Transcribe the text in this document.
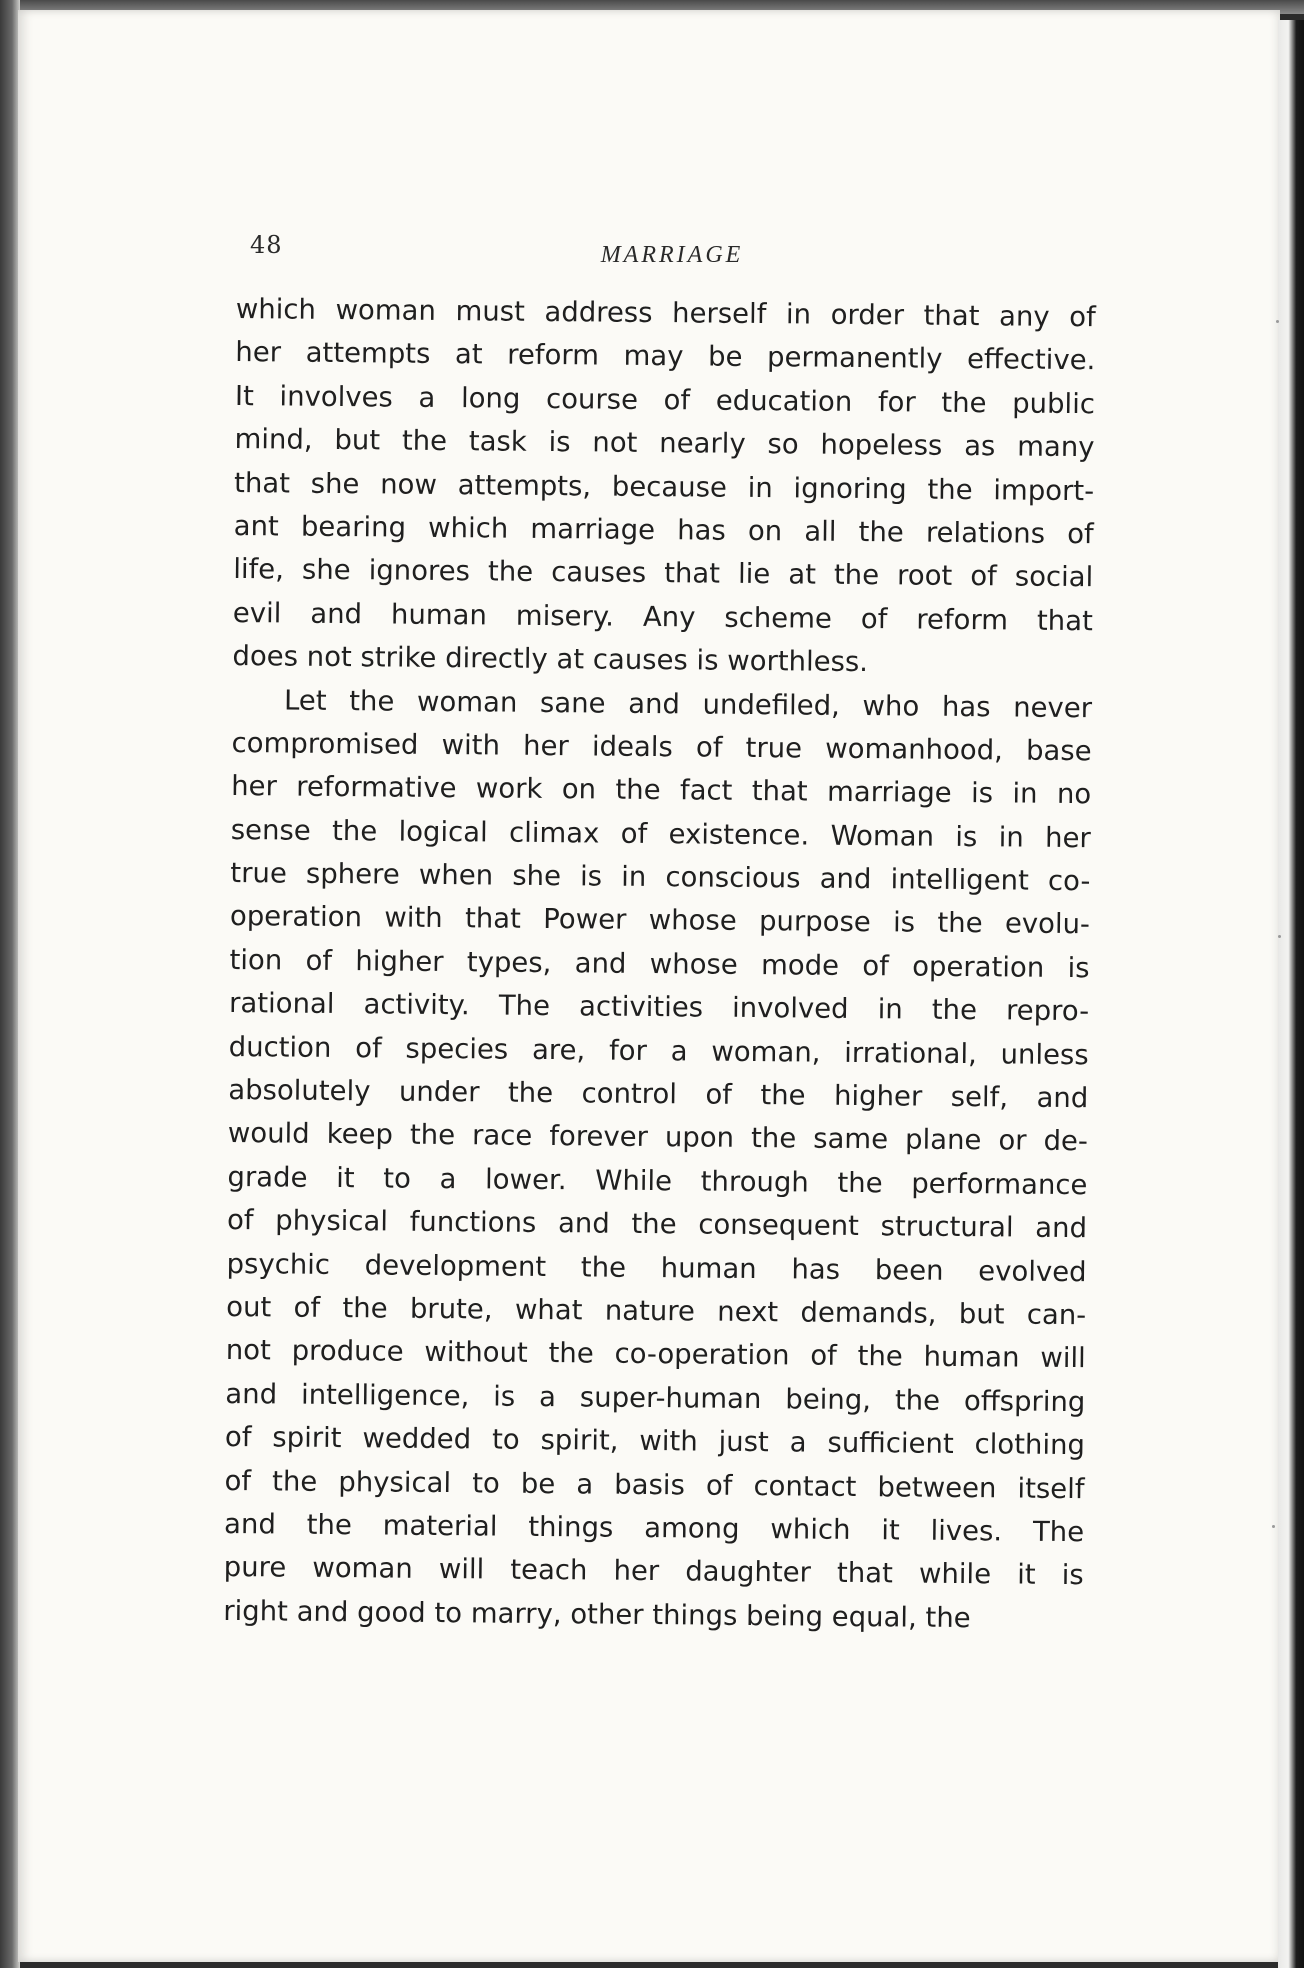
48	MARRIAGE
which woman must address herself in order that any of
her attempts at reform may be permanently effective.
It involves a long course of education for the public
mind, but the task is not nearly so hopeless as many
that she now attempts, because in ignoring the import-
ant bearing which marriage has on all the relations of
life, she ignores the causes that lie at the root of social
evil and human misery. Any scheme of reform that
does not strike directly at causes is worthless.
Let the woman sane and undefiled, who has never
compromised with her ideals of true womanhood, base
her reformative work on the fact that marriage is in no
sense the logical climax of existence. Woman is in her
true sphere when she is in conscious and intelligent co-
operation with that Power whose purpose is the evolu-
tion of higher types, and whose mode of operation is
rational activity. The activities involved in the repro-
duction of species are, for a woman, irrational, unless
absolutely under the control of the higher self, and
would keep the race forever upon the same plane or de-
grade it to a lower. While through the performance
of physical functions and the consequent structural and
psychic development the human has been evolved
out of the brute, what nature next demands, but can-
not produce without the co-operation of the human will
and intelligence, is a super-human being, the offspring
of spirit wedded to spirit, with just a sufficient clothing
of the physical to be a basis of contact between itself
and the material things among which it lives. The
pure woman will teach her daughter that while it is
right and good to marry, other things being equal, the
